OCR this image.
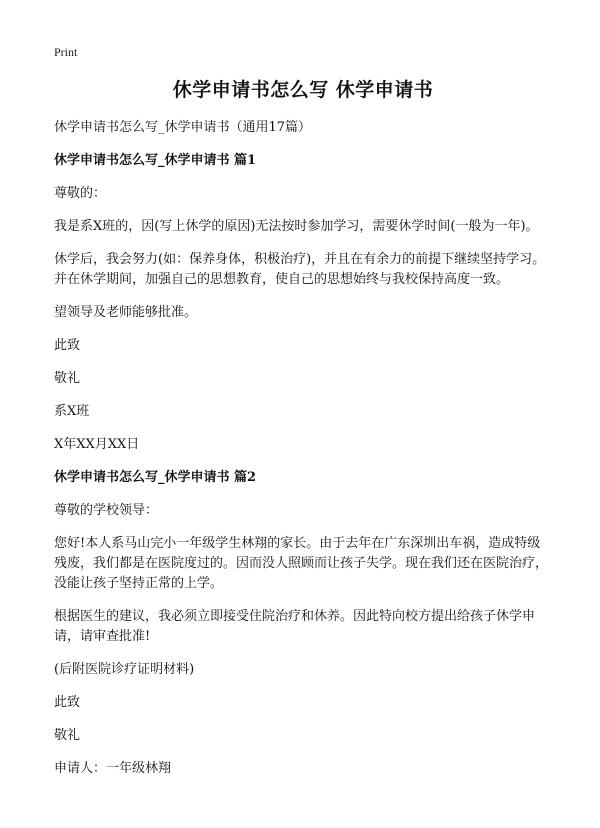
Print
休学申请书怎么写 休学申请书
休学申请书怎么写_休学申请书（通用17篇）
休学申请书怎么写_休学申请书 篇1
尊敬的：
我是系X班的，因(写上休学的原因)无法按时参加学习，需要休学时间(一般为一年)。
休学后，我会努力(如：保养身体，积极治疗)，并且在有余力的前提下继续坚持学习。并在休学期间，加强自己的思想教育，使自己的思想始终与我校保持高度一致。
望领导及老师能够批准。
此致
敬礼
系X班
X年XX月XX日
休学申请书怎么写_休学申请书 篇2
尊敬的学校领导：
您好!本人系马山完小一年级学生林翔的家长。由于去年在广东深圳出车祸，造成特级残废，我们都是在医院度过的。因而没人照顾而让孩子失学。现在我们还在医院治疗，没能让孩子坚持正常的上学。
根据医生的建议，我必须立即接受住院治疗和休养。因此特向校方提出给孩子休学申请，请审查批准!
(后附医院诊疗证明材料)
此致
敬礼
申请人：一年级林翔
